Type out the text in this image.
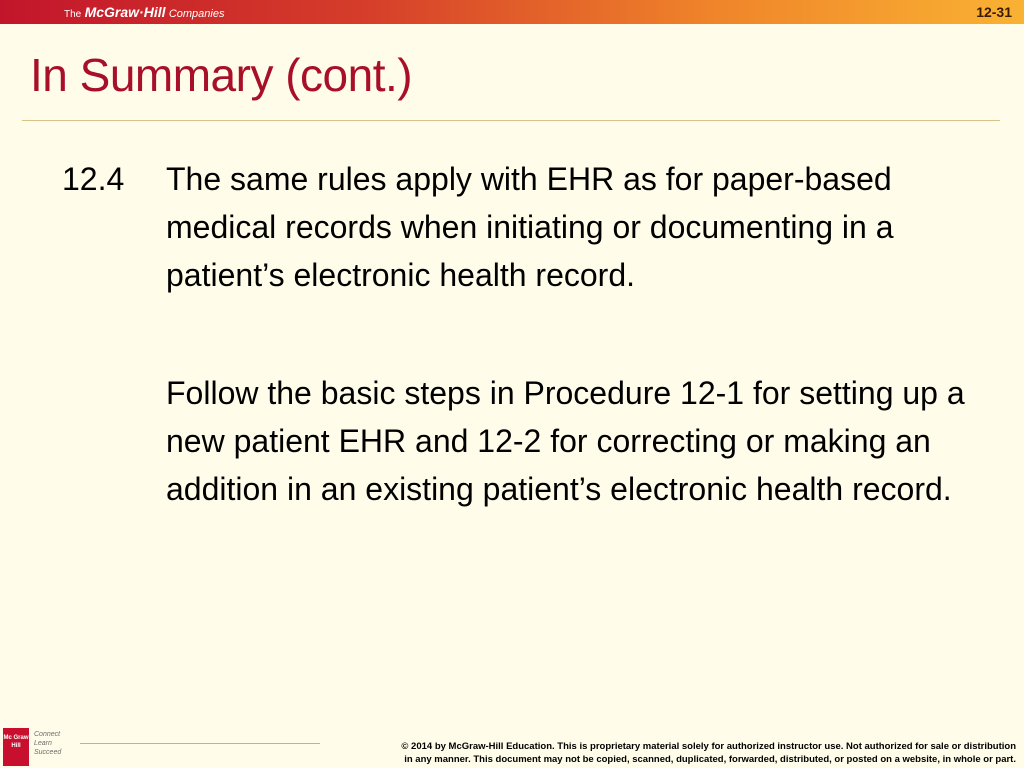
The McGraw·Hill Companies	12-31
In Summary (cont.)
12.4 The same rules apply with EHR as for paper-based medical records when initiating or documenting in a patient’s electronic health record.

Follow the basic steps in Procedure 12-1 for setting up a new patient EHR and 12-2 for correcting or making an addition in an existing patient’s electronic health record.

Mc Graw Hill
Connect Learn Succeed
© 2014 by McGraw-Hill Education. This is proprietary material solely for authorized instructor use. Not authorized for sale or distribution
in any manner. This document may not be copied, scanned, duplicated, forwarded, distributed, or posted on a website, in whole or part.
